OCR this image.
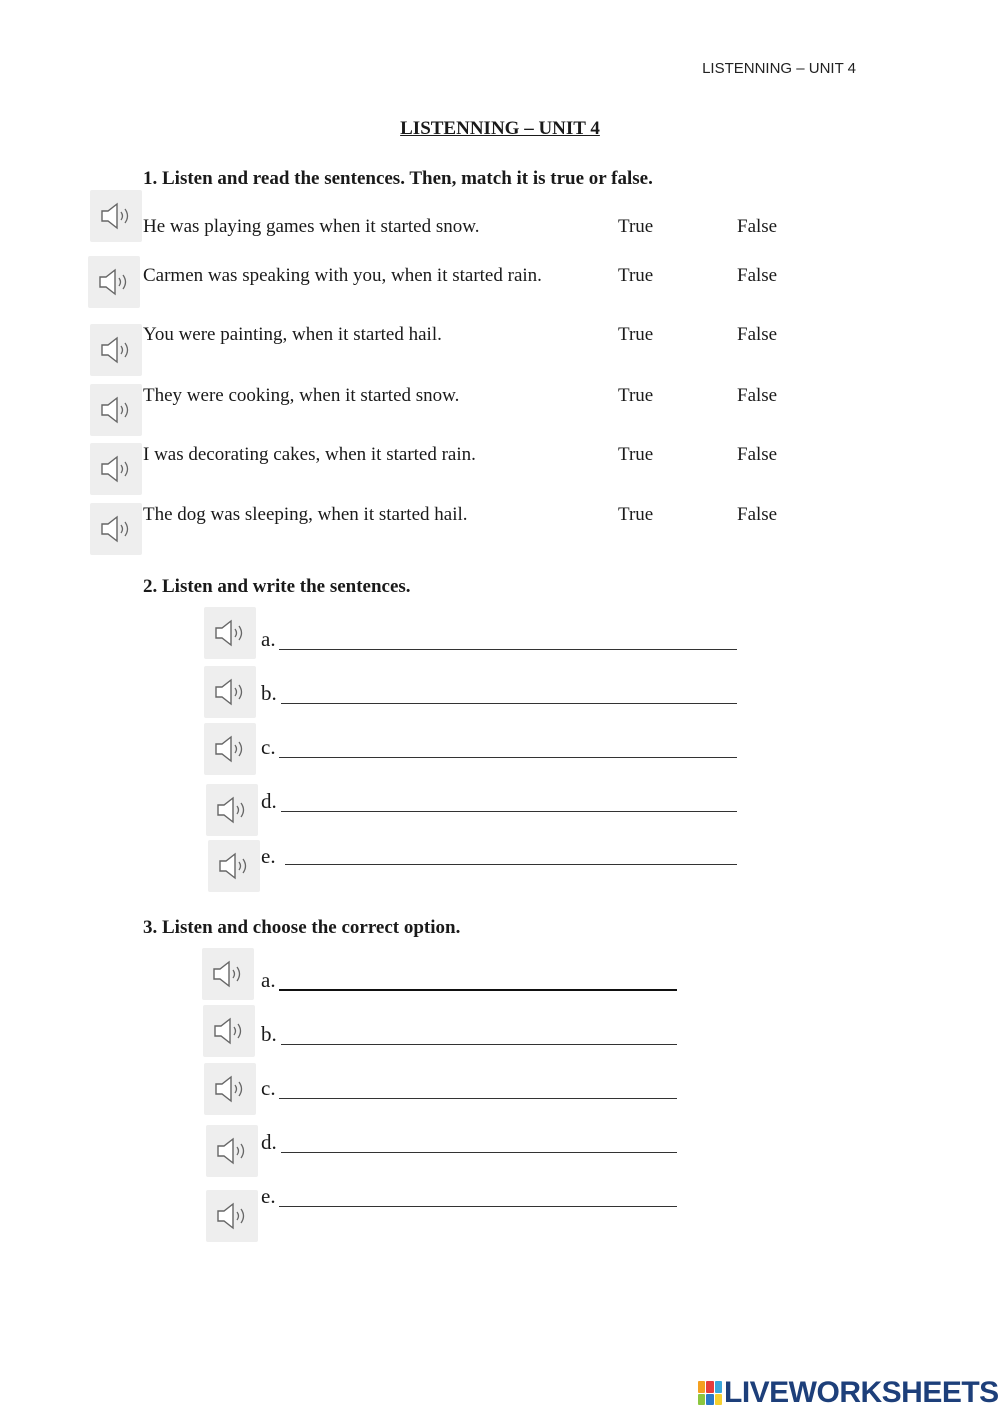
LISTENNING – UNIT 4
LISTENNING – UNIT 4
1. Listen and read the sentences. Then, match it is true or false.
He was playing games when it started snow.	True	False
Carmen was speaking with you, when it started rain.	True	False
You were painting, when it started hail.	True	False
They were cooking, when it started snow.	True	False
I was decorating cakes, when it started rain.	True	False
The dog was sleeping, when it started hail.	True	False
2. Listen and write the sentences.
a.
b.
c.
d.
e.
3. Listen and choose the correct option.
a.
b.
c.
d.
e.
LIVEWORKSHEETS
